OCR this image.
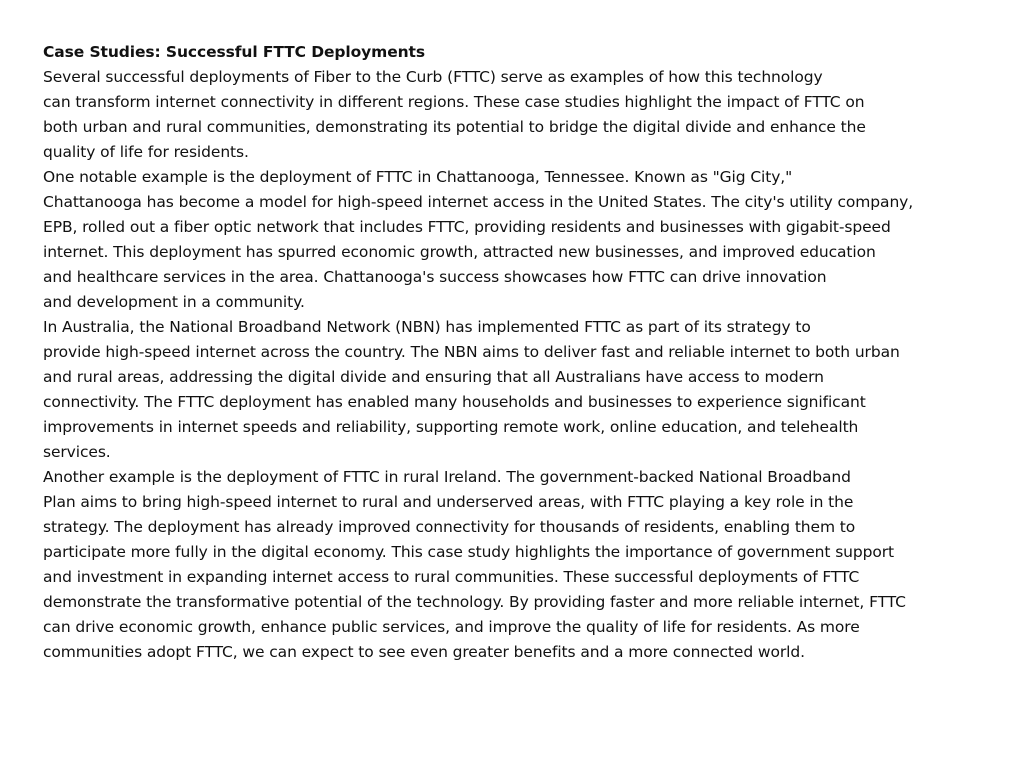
Case Studies: Successful FTTC Deployments
Several successful deployments of Fiber to the Curb (FTTC) serve as examples of how this technology
can transform internet connectivity in different regions. These case studies highlight the impact of FTTC on
both urban and rural communities, demonstrating its potential to bridge the digital divide and enhance the
quality of life for residents.
One notable example is the deployment of FTTC in Chattanooga, Tennessee. Known as "Gig City,"
Chattanooga has become a model for high-speed internet access in the United States. The city's utility company,
EPB, rolled out a fiber optic network that includes FTTC, providing residents and businesses with gigabit-speed
internet. This deployment has spurred economic growth, attracted new businesses, and improved education
and healthcare services in the area. Chattanooga's success showcases how FTTC can drive innovation
and development in a community.
In Australia, the National Broadband Network (NBN) has implemented FTTC as part of its strategy to
provide high-speed internet across the country. The NBN aims to deliver fast and reliable internet to both urban
and rural areas, addressing the digital divide and ensuring that all Australians have access to modern
connectivity. The FTTC deployment has enabled many households and businesses to experience significant
improvements in internet speeds and reliability, supporting remote work, online education, and telehealth
services.
Another example is the deployment of FTTC in rural Ireland. The government-backed National Broadband
Plan aims to bring high-speed internet to rural and underserved areas, with FTTC playing a key role in the
strategy. The deployment has already improved connectivity for thousands of residents, enabling them to
participate more fully in the digital economy. This case study highlights the importance of government support
and investment in expanding internet access to rural communities. These successful deployments of FTTC
demonstrate the transformative potential of the technology. By providing faster and more reliable internet, FTTC
can drive economic growth, enhance public services, and improve the quality of life for residents. As more
communities adopt FTTC, we can expect to see even greater benefits and a more connected world.
